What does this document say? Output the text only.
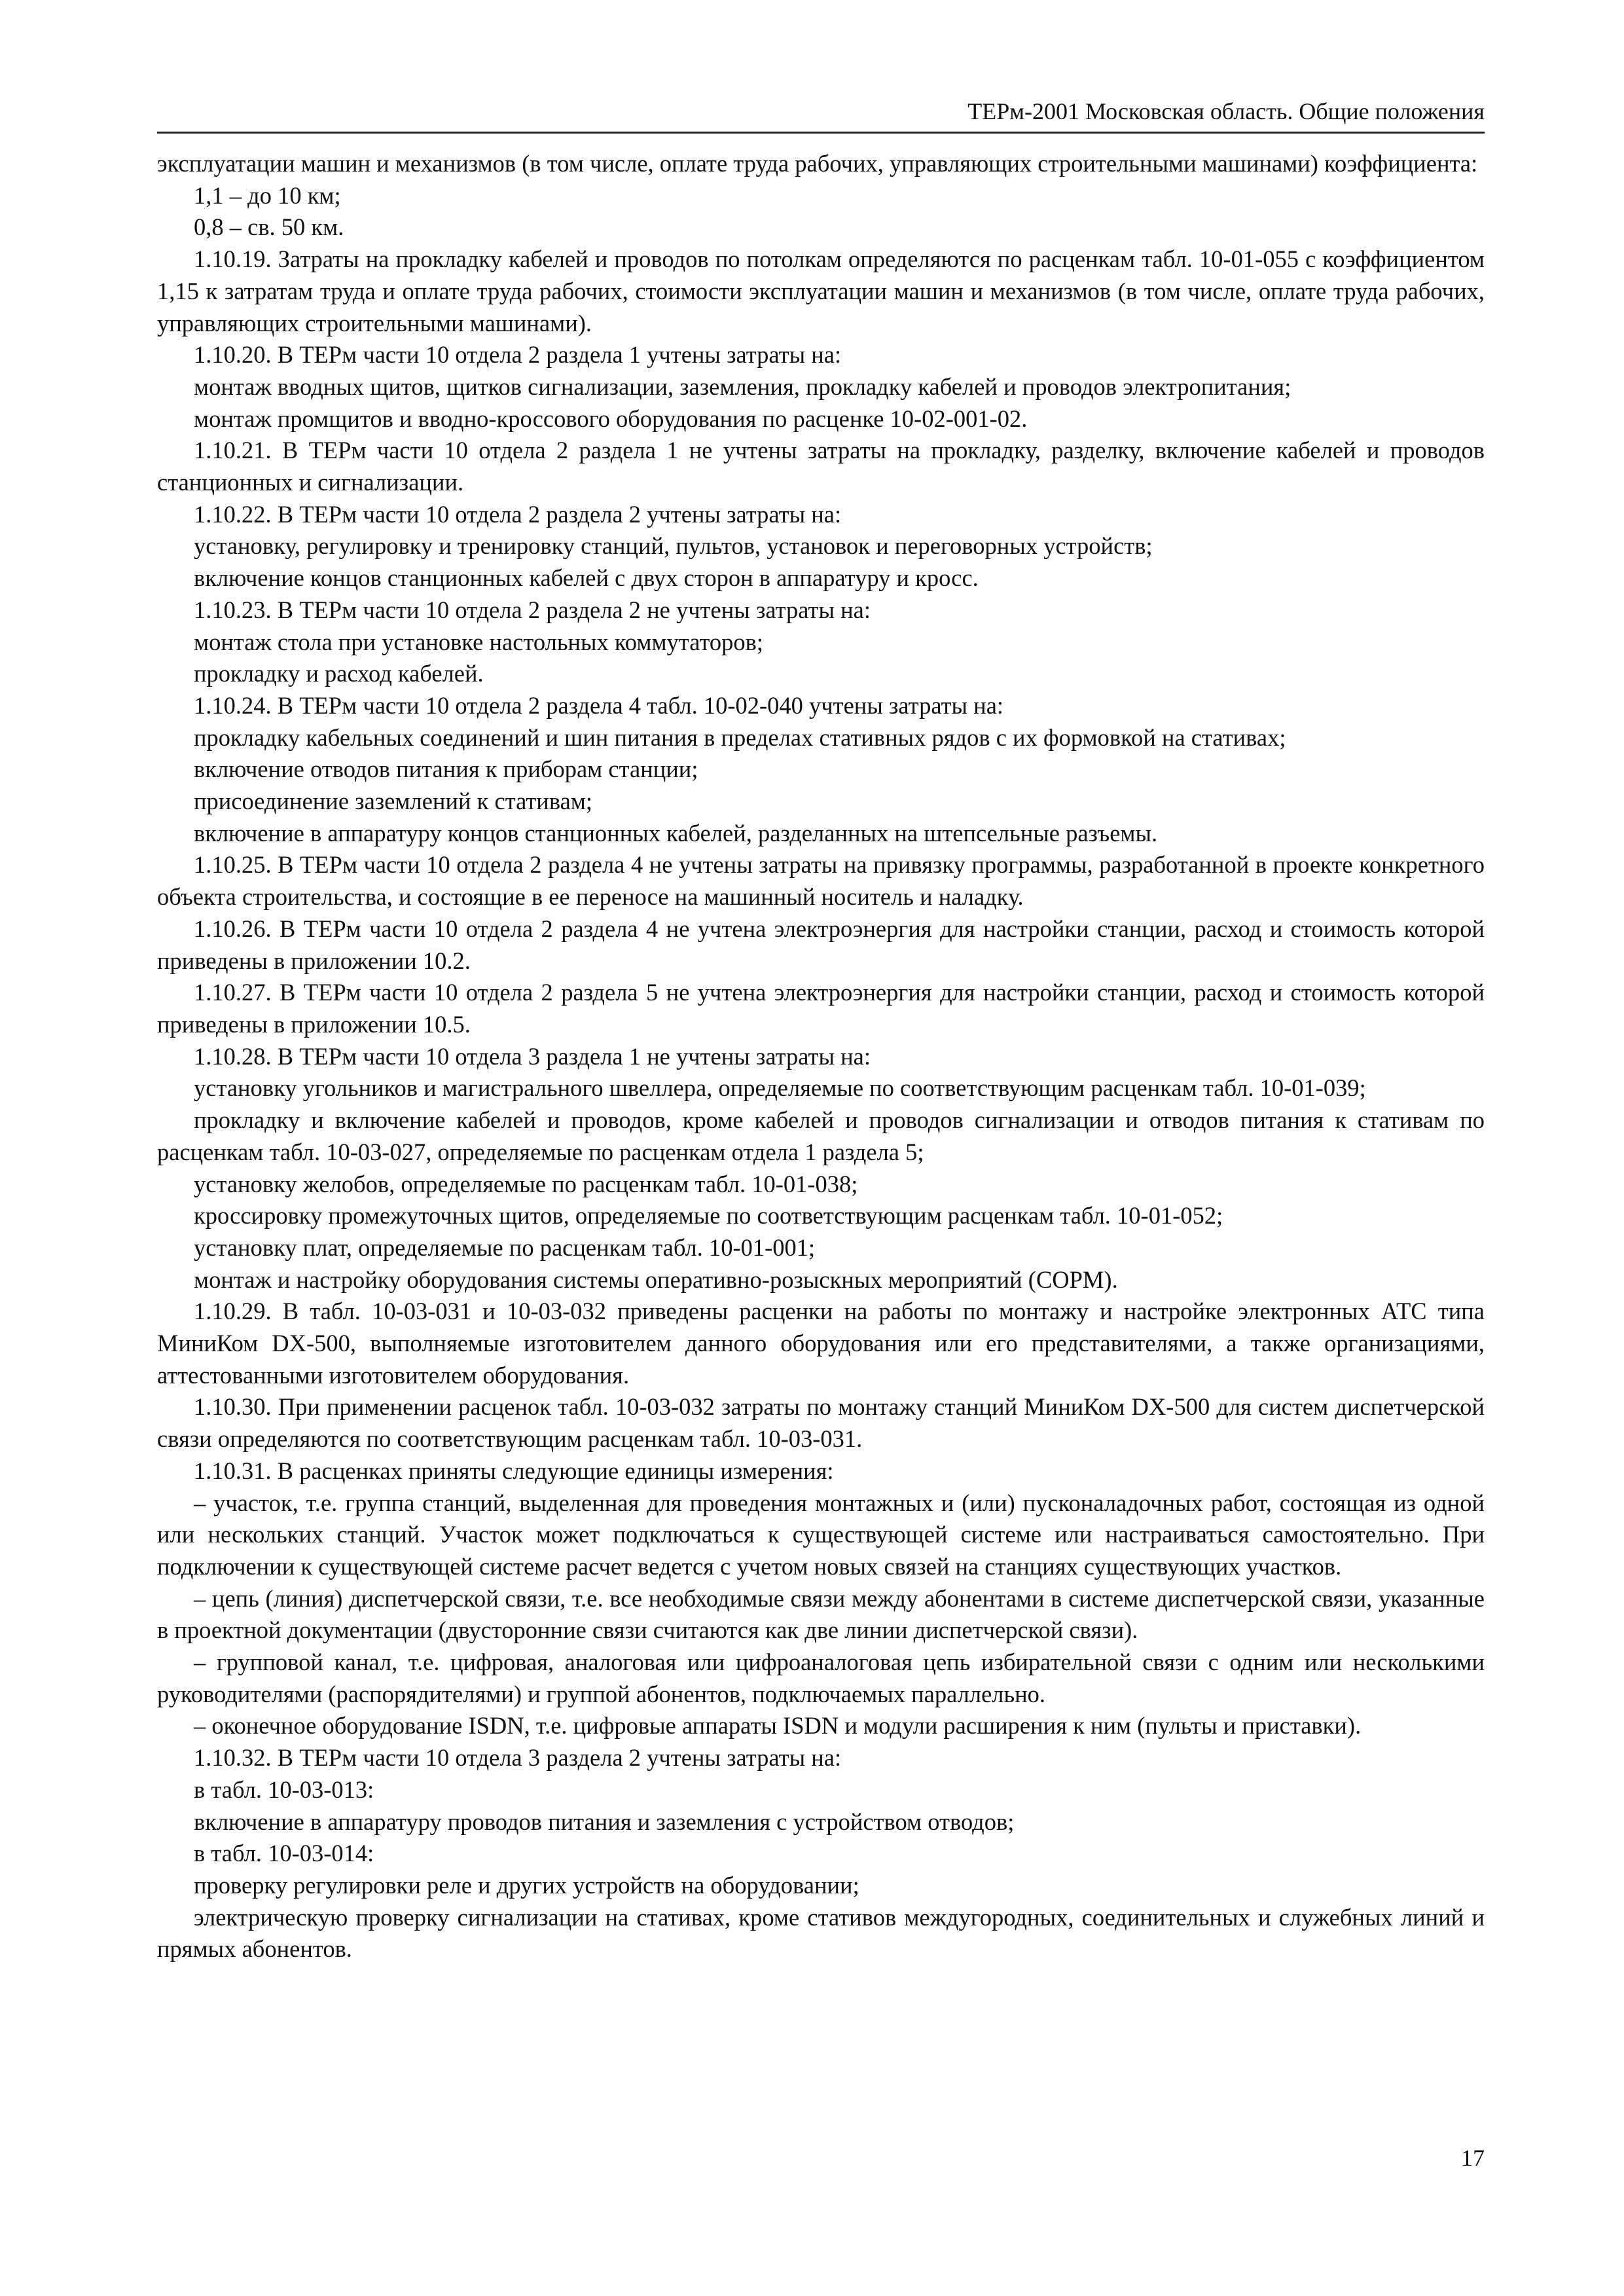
ТЕРм-2001 Московская область. Общие положения

эксплуатации машин и механизмов (в том числе, оплате труда рабочих, управляющих строительными машинами) коэффициента:

1,1 – до 10 км;

0,8 – св. 50 км.

1.10.19. Затраты на прокладку кабелей и проводов по потолкам определяются по расценкам табл. 10-01-055 с коэффициентом 1,15 к затратам труда и оплате труда рабочих, стоимости эксплуатации машин и механизмов (в том числе, оплате труда рабочих, управляющих строительными машинами).

1.10.20. В ТЕРм части 10 отдела 2 раздела 1 учтены затраты на:

монтаж вводных щитов, щитков сигнализации, заземления, прокладку кабелей и проводов электропитания;

монтаж промщитов и вводно-кроссового оборудования по расценке 10-02-001-02.

1.10.21. В ТЕРм части 10 отдела 2 раздела 1 не учтены затраты на прокладку, разделку, включение кабелей и проводов станционных и сигнализации.

1.10.22. В ТЕРм части 10 отдела 2 раздела 2 учтены затраты на:

установку, регулировку и тренировку станций, пультов, установок и переговорных устройств;

включение концов станционных кабелей с двух сторон в аппаратуру и кросс.

1.10.23. В ТЕРм части 10 отдела 2 раздела 2 не учтены затраты на:

монтаж стола при установке настольных коммутаторов;

прокладку и расход кабелей.

1.10.24. В ТЕРм части 10 отдела 2 раздела 4 табл. 10-02-040 учтены затраты на:

прокладку кабельных соединений и шин питания в пределах стативных рядов с их формовкой на стативах;

включение отводов питания к приборам станции;

присоединение заземлений к стативам;

включение в аппаратуру концов станционных кабелей, разделанных на штепсельные разъемы.

1.10.25. В ТЕРм части 10 отдела 2 раздела 4 не учтены затраты на привязку программы, разработанной в проекте конкретного объекта строительства, и состоящие в ее переносе на машинный носитель и наладку.

1.10.26. В ТЕРм части 10 отдела 2 раздела 4 не учтена электроэнергия для настройки станции, расход и стоимость которой приведены в приложении 10.2.

1.10.27. В ТЕРм части 10 отдела 2 раздела 5 не учтена электроэнергия для настройки станции, расход и стоимость которой приведены в приложении 10.5.

1.10.28. В ТЕРм части 10 отдела 3 раздела 1 не учтены затраты на:

установку угольников и магистрального швеллера, определяемые по соответствующим расценкам табл. 10-01-039;

прокладку и включение кабелей и проводов, кроме кабелей и проводов сигнализации и отводов питания к стативам по расценкам табл. 10-03-027, определяемые по расценкам отдела 1 раздела 5;

установку желобов, определяемые по расценкам табл. 10-01-038;

кроссировку промежуточных щитов, определяемые по соответствующим расценкам табл. 10-01-052;

установку плат, определяемые по расценкам табл. 10-01-001;

монтаж и настройку оборудования системы оперативно-розыскных мероприятий (СОРМ).

1.10.29. В табл. 10-03-031 и 10-03-032 приведены расценки на работы по монтажу и настройке электронных АТС типа МиниКом DX-500, выполняемые изготовителем данного оборудования или его представителями, а также организациями, аттестованными изготовителем оборудования.

1.10.30. При применении расценок табл. 10-03-032 затраты по монтажу станций МиниКом DX-500 для систем диспетчерской связи определяются по соответствующим расценкам табл. 10-03-031.

1.10.31. В расценках приняты следующие единицы измерения:

– участок, т.е. группа станций, выделенная для проведения монтажных и (или) пусконаладочных работ, состоящая из одной или нескольких станций. Участок может подключаться к существующей системе или настраиваться самостоятельно. При подключении к существующей системе расчет ведется с учетом новых связей на станциях существующих участков.

– цепь (линия) диспетчерской связи, т.е. все необходимые связи между абонентами в системе диспетчерской связи, указанные в проектной документации (двусторонние связи считаются как две линии диспетчерской связи).

– групповой канал, т.е. цифровая, аналоговая или цифроаналоговая цепь избирательной связи с одним или несколькими руководителями (распорядителями) и группой абонентов, подключаемых параллельно.

– оконечное оборудование ISDN, т.е. цифровые аппараты ISDN и модули расширения к ним (пульты и приставки).

1.10.32. В ТЕРм части 10 отдела 3 раздела 2 учтены затраты на:

в табл. 10-03-013:

включение в аппаратуру проводов питания и заземления с устройством отводов;

в табл. 10-03-014:

проверку регулировки реле и других устройств на оборудовании;

электрическую проверку сигнализации на стативах, кроме стативов междугородных, соединительных и служебных линий и прямых абонентов.

17
